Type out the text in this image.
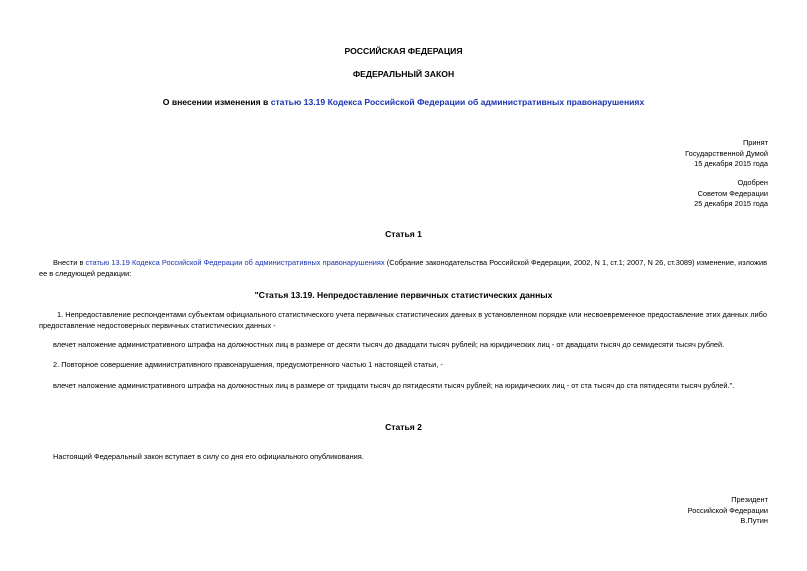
РОССИЙСКАЯ ФЕДЕРАЦИЯ
ФЕДЕРАЛЬНЫЙ ЗАКОН
О внесении изменения в статью 13.19 Кодекса Российской Федерации об административных правонарушениях
Принят
Государственной Думой
15 декабря 2015 года
Одобрен
Советом Федерации
25 декабря 2015 года
Статья 1
Внести в статью 13.19 Кодекса Российской Федерации об административных правонарушениях (Собрание законодательства Российской Федерации, 2002, N 1, ст.1; 2007, N 26, ст.3089) изменение, изложив ее в следующей редакции:
"Статья 13.19. Непредоставление первичных статистических данных
1. Непредоставление респондентами субъектам официального статистического учета первичных статистических данных в установленном порядке или несвоевременное предоставление этих данных либо предоставление недостоверных первичных статистических данных -
влечет наложение административного штрафа на должностных лиц в размере от десяти тысяч до двадцати тысяч рублей; на юридических лиц - от двадцати тысяч до семидесяти тысяч рублей.
2. Повторное совершение административного правонарушения, предусмотренного частью 1 настоящей статьи, -
влечет наложение административного штрафа на должностных лиц в размере от тридцати тысяч до пятидесяти тысяч рублей; на юридических лиц - от ста тысяч до ста пятидесяти тысяч рублей.".
Статья 2
Настоящий Федеральный закон вступает в силу со дня его официального опубликования.
Президент
Российской Федерации
В.Путин
